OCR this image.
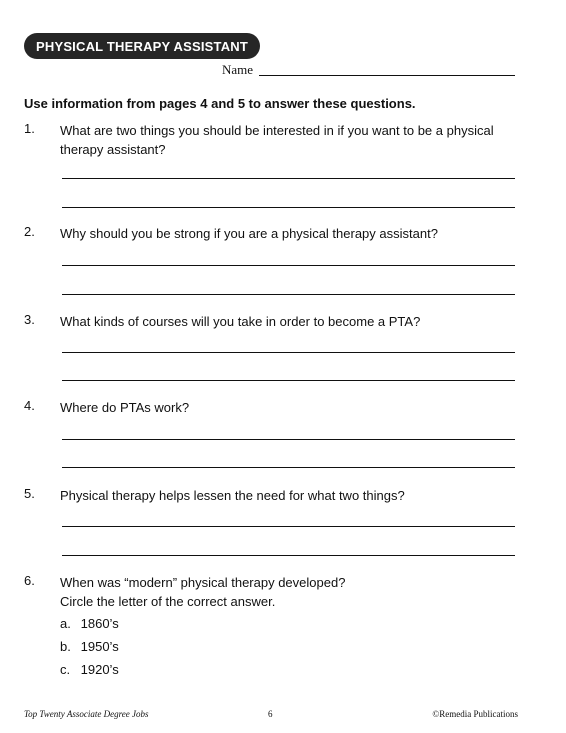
PHYSICAL THERAPY ASSISTANT
Name
Use information from pages 4 and 5 to answer these questions.
1. What are two things you should be interested in if you want to be a physical therapy assistant?
2. Why should you be strong if you are a physical therapy assistant?
3. What kinds of courses will you take in order to become a PTA?
4. Where do PTAs work?
5. Physical therapy helps lessen the need for what two things?
6. When was “modern” physical therapy developed?
Circle the letter of the correct answer.
a. 1860’s
b. 1950’s
c. 1920’s
Top Twenty Associate Degree Jobs	6	©Remedia Publications
